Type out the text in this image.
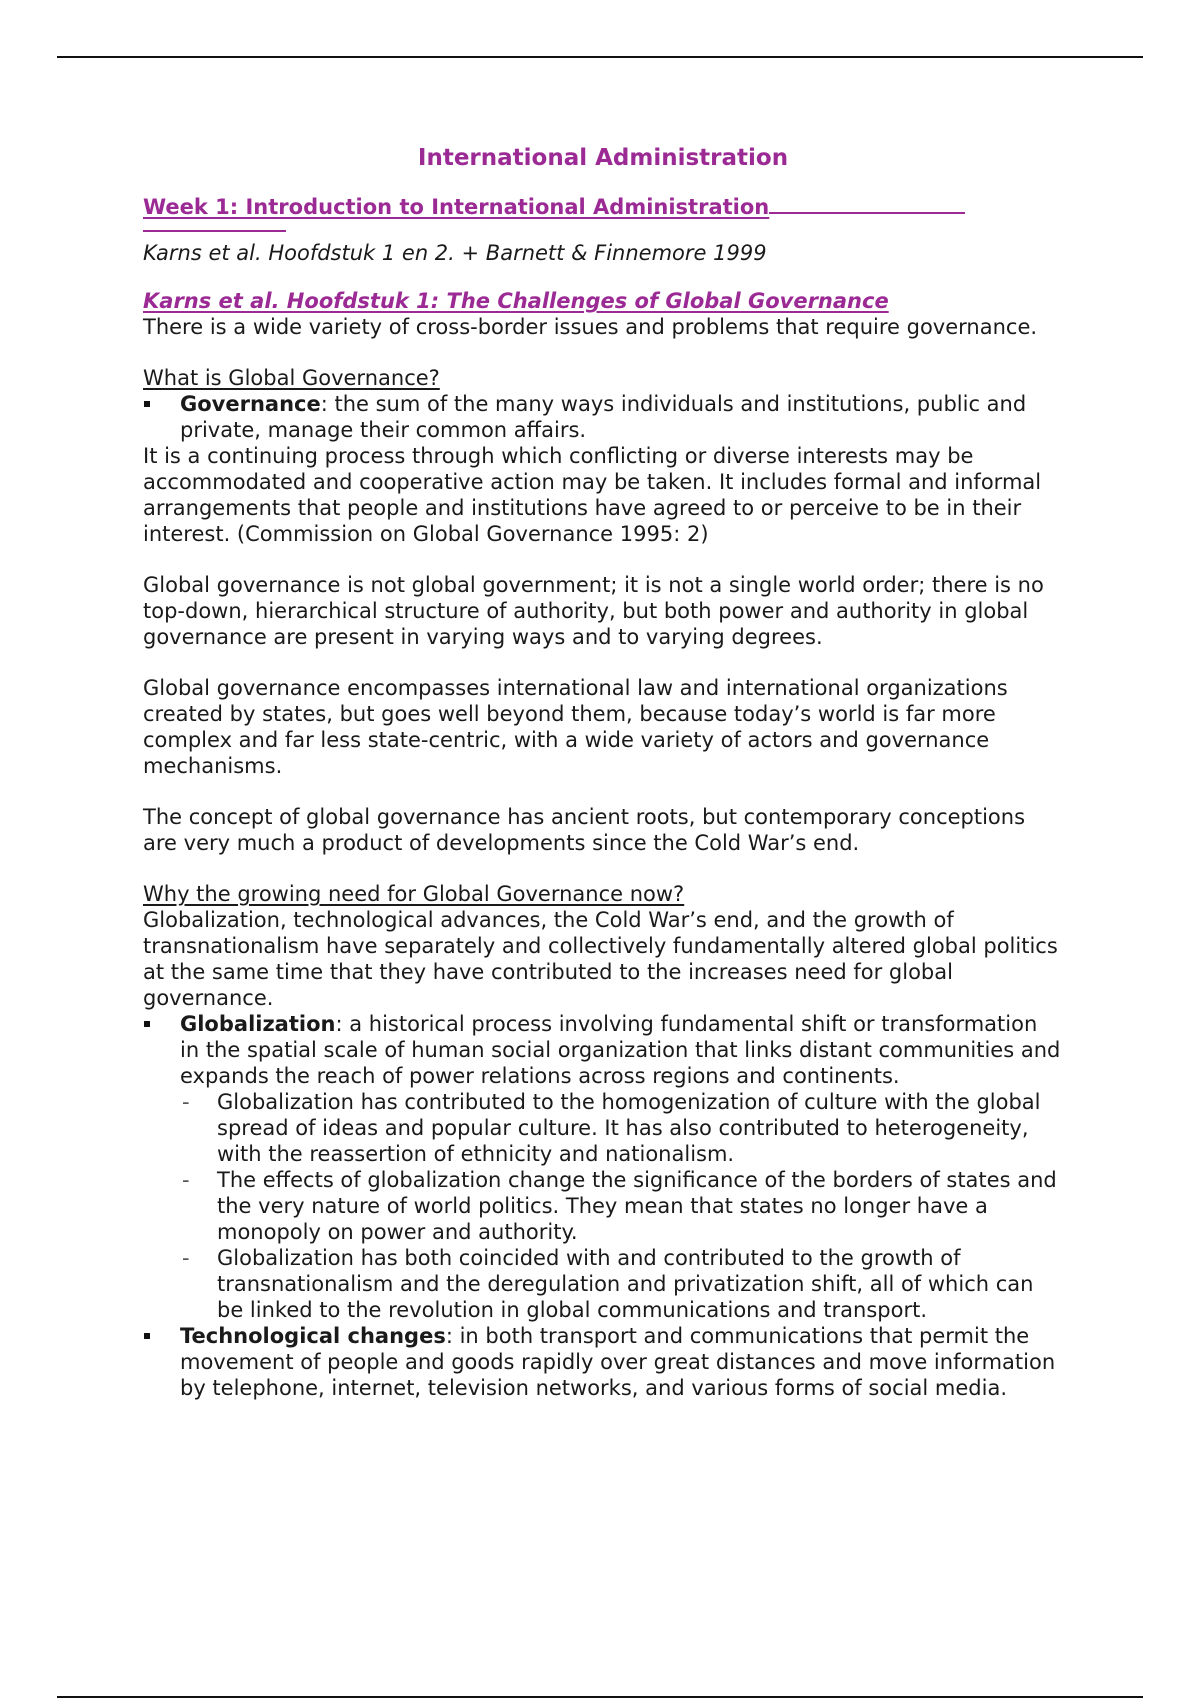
International Administration
Week 1: Introduction to International Administration

Karns et al. Hoofdstuk 1 en 2. + Barnett & Finnemore 1999

Karns et al. Hoofdstuk 1: The Challenges of Global Governance

There is a wide variety of cross-border issues and problems that require governance.

What is Global Governance?

Governance: the sum of the many ways individuals and institutions, public and private, manage their common affairs.

It is a continuing process through which conflicting or diverse interests may be accommodated and cooperative action may be taken. It includes formal and informal arrangements that people and institutions have agreed to or perceive to be in their interest. (Commission on Global Governance 1995: 2)

Global governance is not global government; it is not a single world order; there is no top-down, hierarchical structure of authority, but both power and authority in global governance are present in varying ways and to varying degrees.

Global governance encompasses international law and international organizations created by states, but goes well beyond them, because today’s world is far more complex and far less state-centric, with a wide variety of actors and governance mechanisms.

The concept of global governance has ancient roots, but contemporary conceptions are very much a product of developments since the Cold War’s end.

Why the growing need for Global Governance now?

Globalization, technological advances, the Cold War’s end, and the growth of transnationalism have separately and collectively fundamentally altered global politics at the same time that they have contributed to the increases need for global governance.

Globalization: a historical process involving fundamental shift or transformation in the spatial scale of human social organization that links distant communities and expands the reach of power relations across regions and continents.
- Globalization has contributed to the homogenization of culture with the global spread of ideas and popular culture. It has also contributed to heterogeneity, with the reassertion of ethnicity and nationalism.
- The effects of globalization change the significance of the borders of states and the very nature of world politics. They mean that states no longer have a monopoly on power and authority.
- Globalization has both coincided with and contributed to the growth of transnationalism and the deregulation and privatization shift, all of which can be linked to the revolution in global communications and transport.
Technological changes: in both transport and communications that permit the movement of people and goods rapidly over great distances and move information by telephone, internet, television networks, and various forms of social media.
